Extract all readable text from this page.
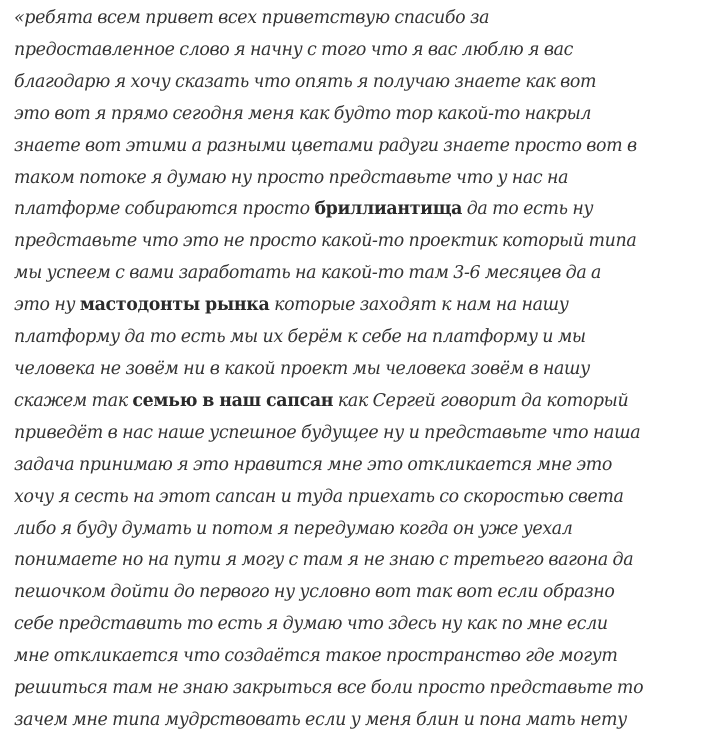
«ребята всем привет всех приветствую спасибо за
предоставленное слово я начну с того что я вас люблю я вас
благодарю я хочу сказать что опять я получаю знаете как вот
это вот я прямо сегодня меня как будто тор какой-то накрыл
знаете вот этими а разными цветами радуги знаете просто вот в
таком потоке я думаю ну просто представьте что у нас на
платформе собираются просто бриллиантища да то есть ну
представьте что это не просто какой-то проектик который типа
мы успеем с вами заработать на какой-то там 3-6 месяцев да а
это ну мастодонты рынка которые заходят к нам на нашу
платформу да то есть мы их берём к себе на платформу и мы
человека не зовём ни в какой проект мы человека зовём в нашу
скажем так семью в наш сапсан как Сергей говорит да который
приведёт в нас наше успешное будущее ну и представьте что наша
задача принимаю я это нравится мне это откликается мне это
хочу я сесть на этот сапсан и туда приехать со скоростью света
либо я буду думать и потом я передумаю когда он уже уехал
понимаете но на пути я могу с там я не знаю с третьего вагона да
пешочком дойти до первого ну условно вот так вот если образно
себе представить то есть я думаю что здесь ну как по мне если
мне откликается что создаётся такое пространство где могут
решиться там не знаю закрыться все боли просто представьте то
зачем мне типа мудрствовать если у меня блин и пона мать нету
